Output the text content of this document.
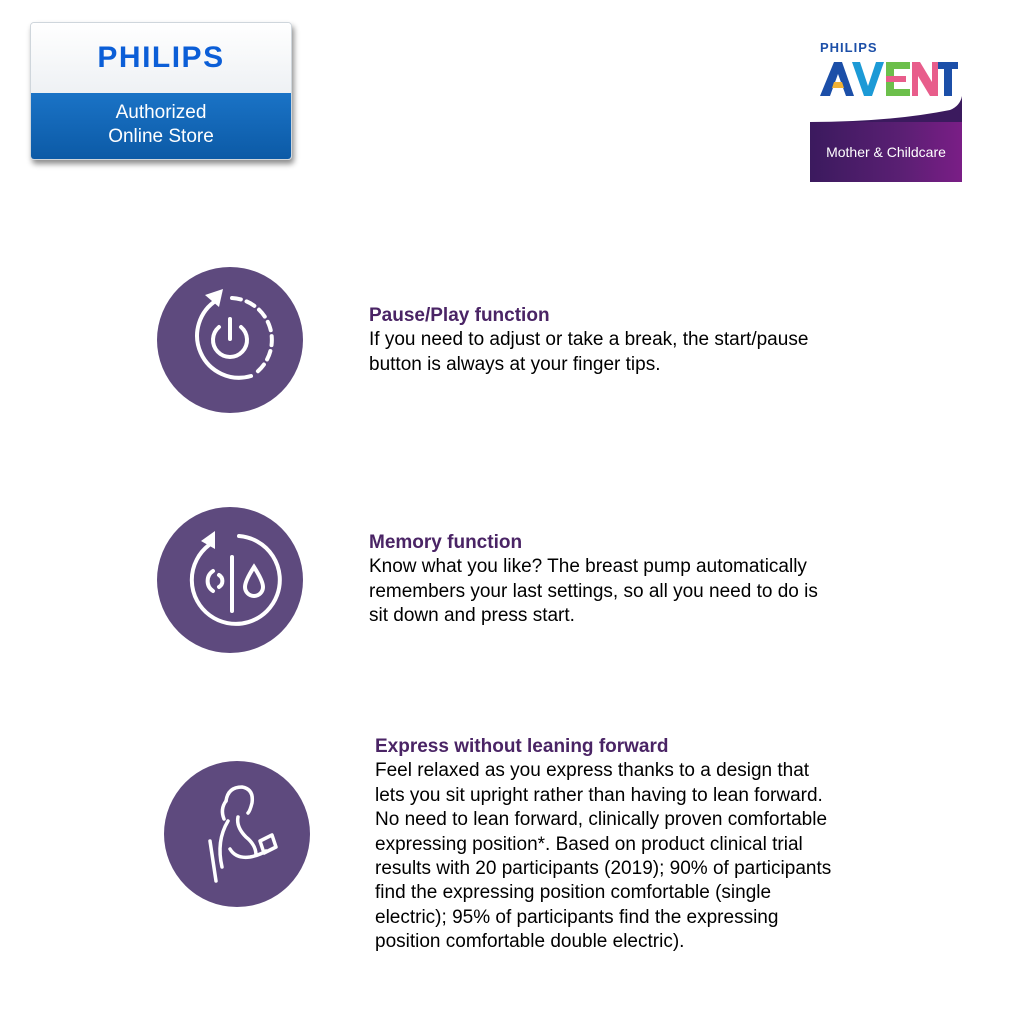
PHILIPS
Authorized
Online Store
PHILIPS
Mother & Childcare
Pause/Play function
If you need to adjust or take a break, the start/pause
button is always at your finger tips.
Memory function
Know what you like? The breast pump automatically
remembers your last settings, so all you need to do is
sit down and press start.
Express without leaning forward
Feel relaxed as you express thanks to a design that
lets you sit upright rather than having to lean forward.
No need to lean forward, clinically proven comfortable
expressing position*. Based on product clinical trial
results with 20 participants (2019); 90% of participants
find the expressing position comfortable (single
electric); 95% of participants find the expressing
position comfortable double electric).
